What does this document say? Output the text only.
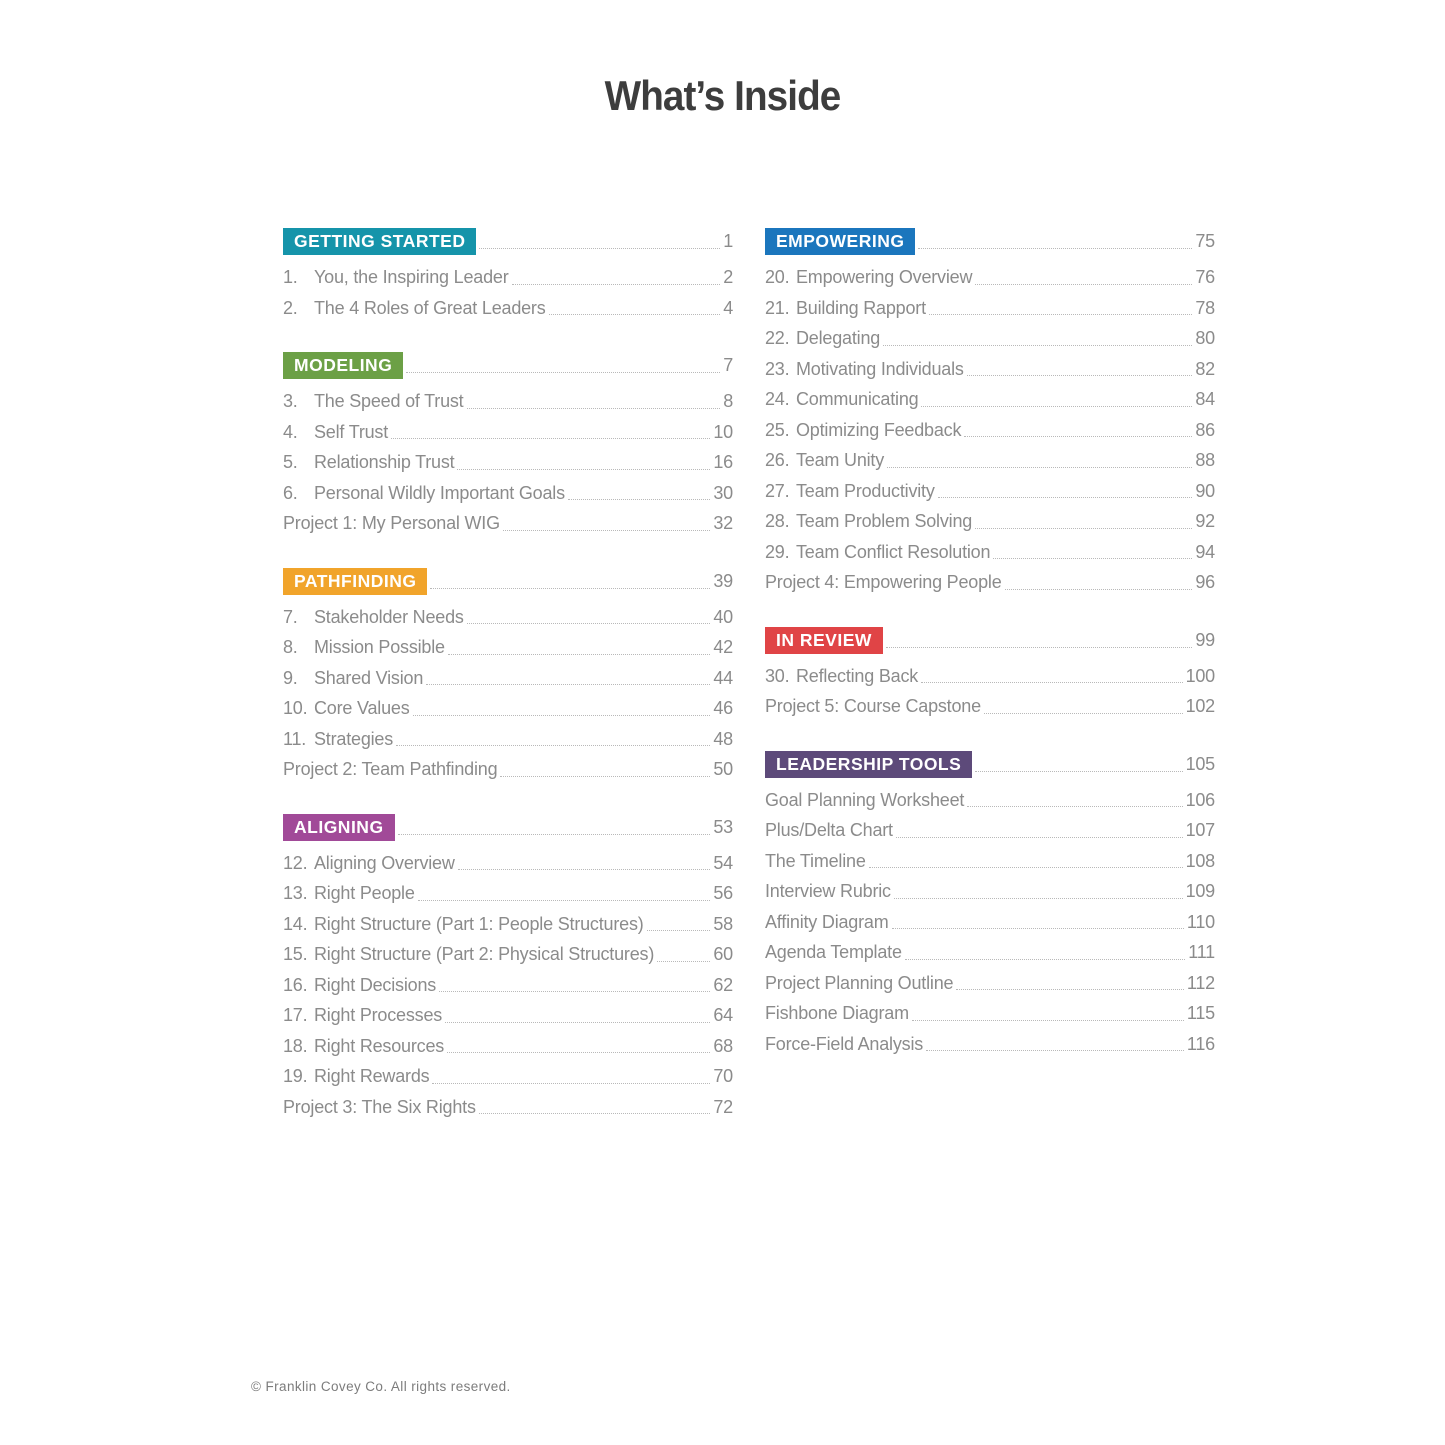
What’s Inside
GETTING STARTED	1
1. You, the Inspiring Leader	2
2. The 4 Roles of Great Leaders	4
MODELING	7
3. The Speed of Trust	8
4. Self Trust	10
5. Relationship Trust	16
6. Personal Wildly Important Goals	30
Project 1: My Personal WIG	32
PATHFINDING	39
7. Stakeholder Needs	40
8. Mission Possible	42
9. Shared Vision	44
10. Core Values	46
11. Strategies	48
Project 2: Team Pathfinding	50
ALIGNING	53
12. Aligning Overview	54
13. Right People	56
14. Right Structure (Part 1: People Structures)	58
15. Right Structure (Part 2: Physical Structures)	60
16. Right Decisions	62
17. Right Processes	64
18. Right Resources	68
19. Right Rewards	70
Project 3: The Six Rights	72
EMPOWERING	75
20. Empowering Overview	76
21. Building Rapport	78
22. Delegating	80
23. Motivating Individuals	82
24. Communicating	84
25. Optimizing Feedback	86
26. Team Unity	88
27. Team Productivity	90
28. Team Problem Solving	92
29. Team Conflict Resolution	94
Project 4: Empowering People	96
IN REVIEW	99
30. Reflecting Back	100
Project 5: Course Capstone	102
LEADERSHIP TOOLS	105
Goal Planning Worksheet	106
Plus/Delta Chart	107
The Timeline	108
Interview Rubric	109
Affinity Diagram	110
Agenda Template	111
Project Planning Outline	112
Fishbone Diagram	115
Force-Field Analysis	116
© Franklin Covey Co. All rights reserved.
